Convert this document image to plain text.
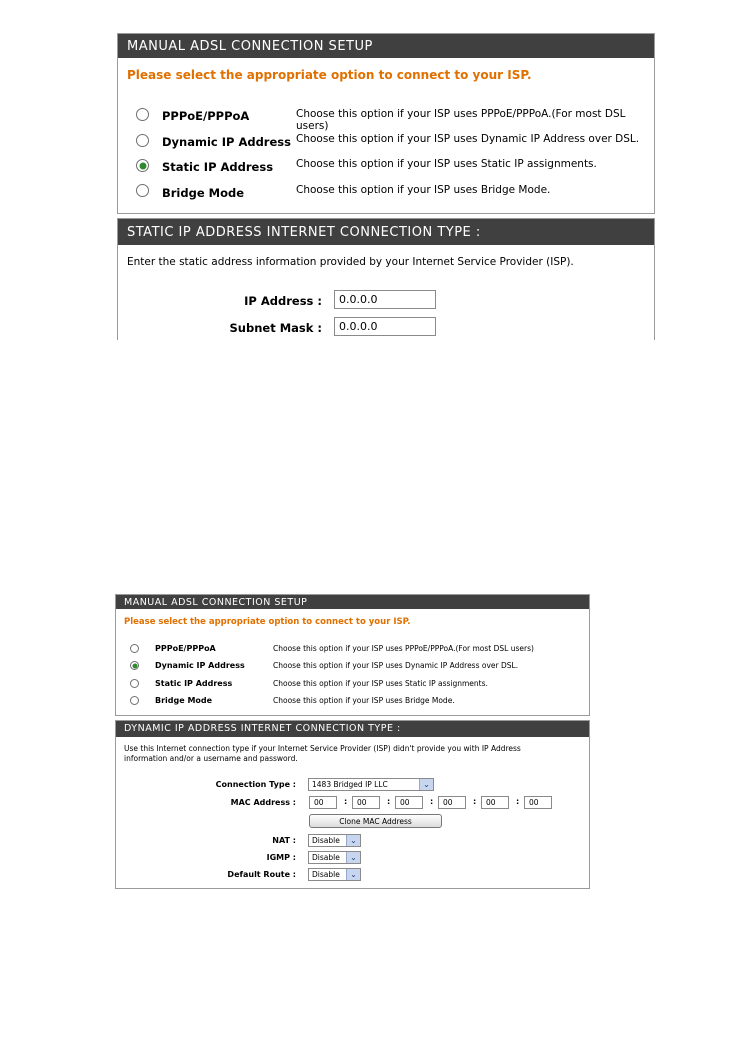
MANUAL ADSL CONNECTION SETUP
Please select the appropriate option to connect to your ISP.
PPPoE/PPPoA	Choose this option if your ISP uses PPPoE/PPPoA.(For most DSL users)
Dynamic IP Address Choose this option if your ISP uses Dynamic IP Address over DSL.
Static IP Address Choose this option if your ISP uses Static IP assignments.
Bridge Mode	Choose this option if your ISP uses Bridge Mode.
STATIC IP ADDRESS INTERNET CONNECTION TYPE :
Enter the static address information provided by your Internet Service Provider (ISP).
IP Address :	0.0.0.0
Subnet Mask :	0.0.0.0
MANUAL ADSL CONNECTION SETUP
Please select the appropriate option to connect to your ISP.
PPPoE/PPPoA	Choose this option if your ISP uses PPPoE/PPPoA.(For most DSL users)
Dynamic IP Address	Choose this option if your ISP uses Dynamic IP Address over DSL.
Static IP Address	Choose this option if your ISP uses Static IP assignments.
Bridge Mode	Choose this option if your ISP uses Bridge Mode.
DYNAMIC IP ADDRESS INTERNET CONNECTION TYPE :
Use this Internet connection type if your Internet Service Provider (ISP) didn't provide you with IP Address
information and/or a username and password.
Connection Type : 1483 Bridged IP LLC	⌄
MAC Address :	00	:	00	:	00	:	00	:	00	:	00
Clone MAC Address
NAT : Disable	⌄
IGMP : Disable	⌄
Default Route : Disable	⌄
